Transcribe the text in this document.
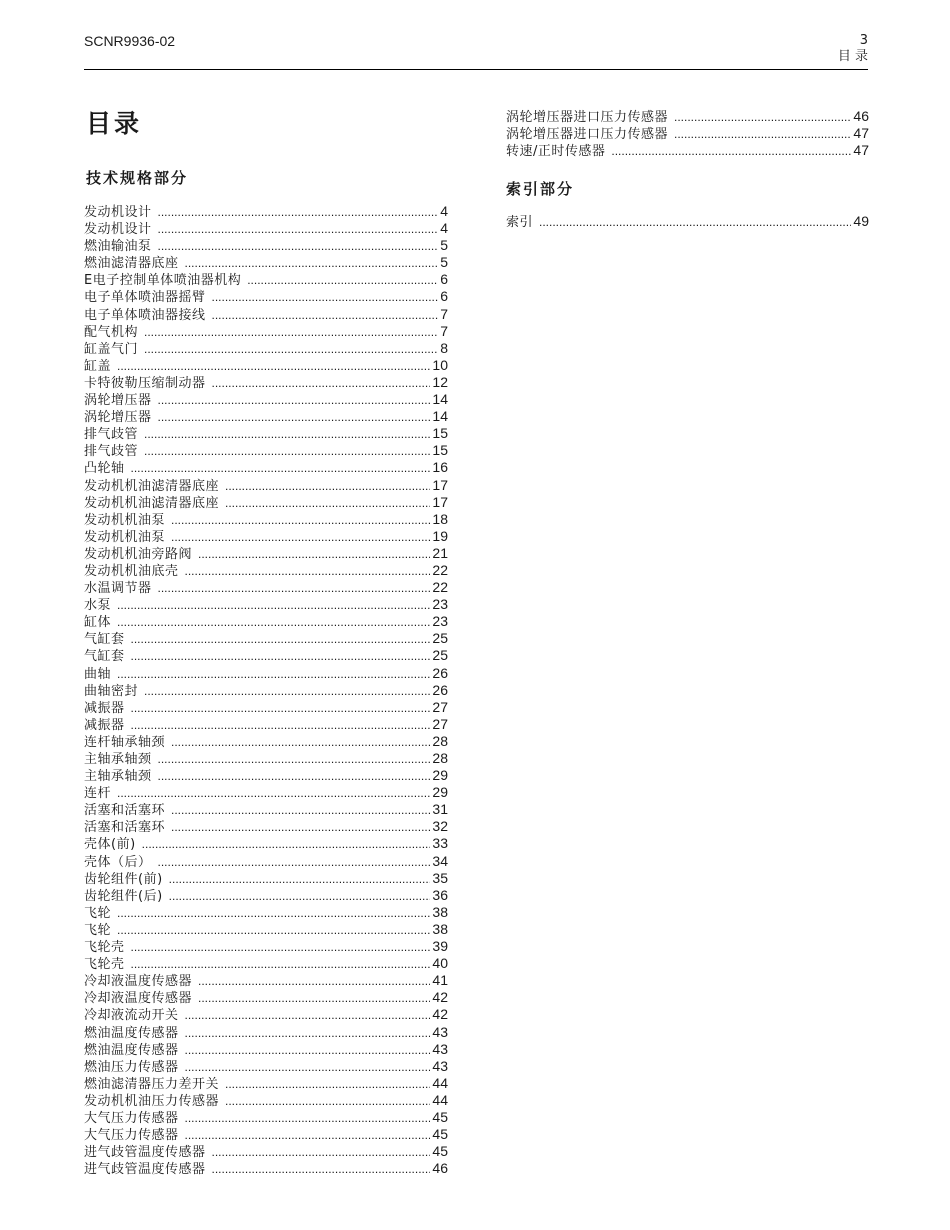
SCNR9936-02	3
目 录
目录
技术规格部分
发动机设计 .....	4
发动机设计 .....	4
燃油输油泵 .....	5
燃油滤清器底座 .....	5
E电子控制单体喷油器机构 .....	6
电子单体喷油器摇臂 .....	6
电子单体喷油器接线 .....	7
配气机构 .....	7
缸盖气门 .....	8
缸盖 .....	10
卡特彼勒压缩制动器 .....	12
涡轮增压器 .....	14
涡轮增压器 .....	14
排气歧管 .....	15
排气歧管 .....	15
凸轮轴 .....	16
发动机机油滤清器底座 .....	17
发动机机油滤清器底座 .....	17
发动机机油泵 .....	18
发动机机油泵 .....	19
发动机机油旁路阀 .....	21
发动机机油底壳 .....	22
水温调节器 .....	22
水泵 .....	23
缸体 .....	23
气缸套 .....	25
气缸套 .....	25
曲轴 .....	26
曲轴密封 .....	26
减振器 .....	27
减振器 .....	27
连杆轴承轴颈 .....	28
主轴承轴颈 .....	28
主轴承轴颈 .....	29
连杆 .....	29
活塞和活塞环 .....	31
活塞和活塞环 .....	32
壳体(前) .....	33
壳体（后） .....	34
齿轮组件(前) .....	35
齿轮组件(后) .....	36
飞轮 .....	38
飞轮 .....	38
飞轮壳 .....	39
飞轮壳 .....	40
冷却液温度传感器 .....	41
冷却液温度传感器 .....	42
冷却液流动开关 .....	42
燃油温度传感器 .....	43
燃油温度传感器 .....	43
燃油压力传感器 .....	43
燃油滤清器压力差开关 .....	44
发动机机油压力传感器 .....	44
大气压力传感器 .....	45
大气压力传感器 .....	45
进气歧管温度传感器 .....	45
进气歧管温度传感器 .....	46
涡轮增压器进口压力传感器 .....	46
涡轮增压器进口压力传感器 .....	47
转速/正时传感器 .....	47
索引部分
索引 .....	49
